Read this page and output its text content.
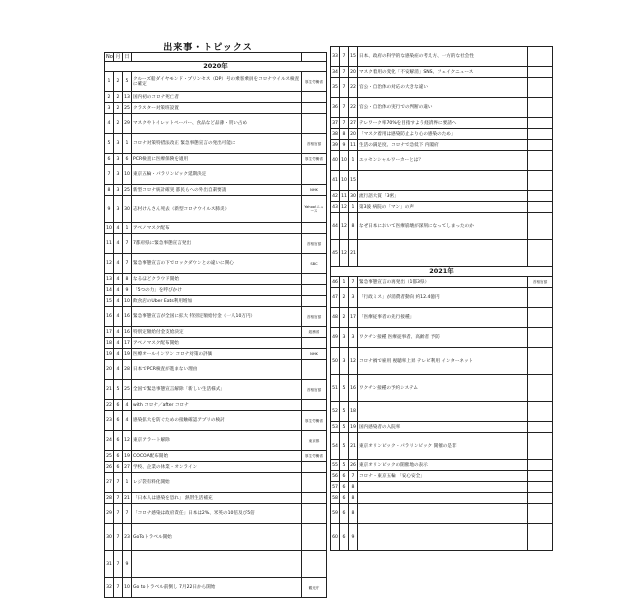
出来事・トピックス
No	月	日		
2020年				
1	2	5	クルーズ船ダイヤモンド・プリンセス（DP）号の乗客乗員をコロナウイルス検査に確定	厚生労働省
2	2	13	国内初のコロナ死亡者	
3	2	25	クラスター対策班設置	
4	2	29	マスクやトイレットペーパー、食品など品薄・買い占め	
5	3	1	コロナ対策特措法改正 緊急事態宣言の発出可能に	首相官邸
6	3	6	PCR検査に医療保険を適用	厚生労働省
7	3	10	東京五輪・パラリンピック延期決定	
8	3	25	新型コロナ統計確実 都民らへの外出自粛要請	NHK
9	3	30	志村けんさん死去（新型コロナウイルス肺炎）	Yahoo!ニュース
10	4	1	アベノマスク配布	
11	4	7	7都府県に緊急事態宣言発出	首相官邸
12	4	7	緊急事態宣言の下でロックダウンとの違いに関心	SBC
13	4	8	なるほどクラウド開始	
14	4	9	「5つの力」を呼びかけ	
15	4	10	飲食店のUber Eats利用増加	
16	4	16	緊急事態宣言が全国に拡大 特別定額給付金（一人10万円）	首相官邸
17	4	16	特別定額給付金支給決定	総務省
18	4	17	アベノマスク配布開始	
19	4	19	医療オールインワン コロナ対策の評価	NHK
20	4	28	日本でPCR検査が進まない理由	
21	5	25	全国で緊急事態宣言解除「新しい生活様式」	首相官邸
22	6	4	with コロナ／after コロナ	
23	6	4	感染拡大を防ぐための接触確認アプリの検討	厚生労働省
24	6	12	東京アラート解除	東京都
25	6	19	COCOA配布開始	厚生労働省
26	6	27	学校、企業の休業・オンライン	
27	7	1	レジ袋有料化開始	
28	7	21	「日本人は感染を恐れ」 熱帯生活補充	
29	7	7	「コロナ感染は政府責任」日本は2%、米英の10倍及び5倍	
30	7	23	GoToトラベル開始	
31	7	9		
32	7	10	Go toトラベル前倒し 7月22日から開始	観光庁
33	7	15	日本、政府の科学的な感染症の考え方、一方的な社会性	
34	7	20	マスク着用の変化「不安解消」SNS、フェイクニュース	
35	7	22	官公・自治体の対応の大きな違い	
36	7	22	官公・自治体の実行での判断の違い	
37	7	27	テレワーク率70%を目指すよう経済界に要請へ	
38	8	20	「マスク着用は感染防止より心の感染のため」	
39	9	11	生活の満足度、コロナで急低下 内閣府	
40	10	1	エッセンシャルワーカーとは？	
41	10	15		
42	11	30	流行語大賞「3密」	
43	12	1	第3波 病院の「マン」の声	
44	12	8	なぜ日本において医療崩壊が深刻になってしまったのか	
45	12	21		
2021年				
46	1	7	緊急事態宣言の再発出（1都3県）	首相官邸
47	2	3	「行政ミス」が消費者動向 約12.4億円	
48	2	17	「医療従事者の先行接種」	
49	3	3	ワクチン接種 医療従事者、高齢者 予防	
50	3	12	コロナ禍で雇用 視聴率上昇 テレビ利用 インターネット	
51	5	16	ワクチン接種の予約システム	
52	5	18		
53	5	19	国内感染者の入院率	
54	5	21	東京オリンピック・パラリンピック 開催の是非	
55	5	26	東京オリンピックの開催地の表示	
56	6	7	コロナ・東京五輪 「安心安全」	
57	6	8		
58	6	8		
59	6	8		
60	6	9		
